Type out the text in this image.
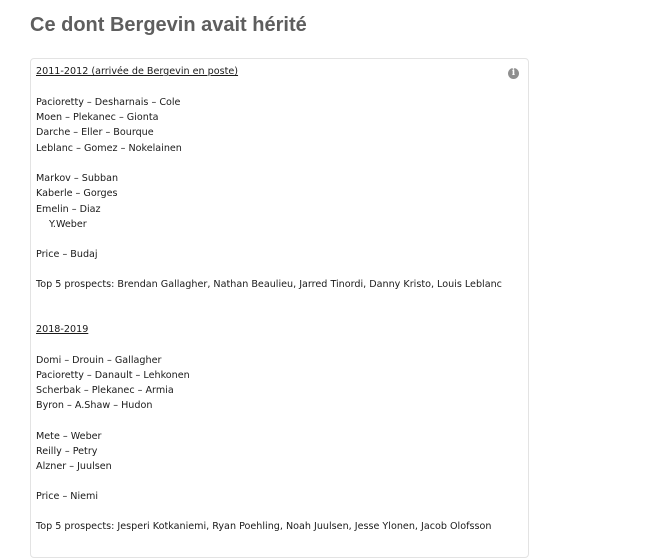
Ce dont Bergevin avait hérité
i

2011-2012 (arrivée de Bergevin en poste)

Pacioretty – Desharnais – Cole

Moen – Plekanec – Gionta

Darche – Eller – Bourque

Leblanc – Gomez – Nokelainen

Markov – Subban

Kaberle – Gorges

Emelin – Diaz

Y.Weber

Price – Budaj

Top 5 prospects: Brendan Gallagher, Nathan Beaulieu, Jarred Tinordi, Danny Kristo, Louis Leblanc

2018-2019

Domi – Drouin – Gallagher

Pacioretty – Danault – Lehkonen

Scherbak – Plekanec – Armia

Byron – A.Shaw – Hudon

Mete – Weber

Reilly – Petry

Alzner – Juulsen

Price – Niemi

Top 5 prospects: Jesperi Kotkaniemi, Ryan Poehling, Noah Juulsen, Jesse Ylonen, Jacob Olofsson
